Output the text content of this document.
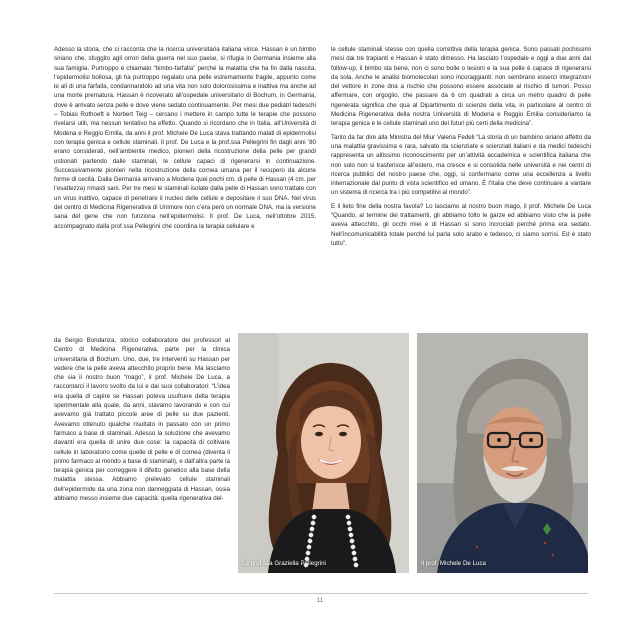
Adesso la storia, che ci racconta che la ricerca universitaria italiana vince. Hassan è un bimbo siriano che, sfuggito agli orrori della guerra nel suo paese, si rifugia in Germania insieme alla sua famiglia. Purtroppo è chiamato “bimbo-farfalla” perché la malattia che ha fin dalla nascita, l’epidermolisi bollosa, gli ha purtroppo regalato una pelle estremamente fragile, appunto come le ali di una farfalla, condannandolo ad una vita non solo dolorosissima e inattiva ma anche ad una morte prematura. Hassan è ricoverato all’ospedale universitario di Bochum, in Germania, dove è arrivato senza pelle e dove viene sedato continuamente. Per mesi due pediatri tedeschi – Tobias Rothoeft e Norbert Teig – cercano i mettere in campo tutte le terapie che possono rivelarsi utili, ma nessun tentativo ha effetto. Quando si ricordano che in Italia, all’Università di Modena e Reggio Emilia, da anni il prof. Michele De Luca stava trattando malati di epidermolisi con terapia genica e cellule staminali. Il prof. De Luca e la prof.ssa Pellegrini fin dagli anni ’80 erano considerati, nell’ambiente medico, pionieri della ricostruzione della pelle per grandi ustionati partendo dalle staminali, le cellule capaci di rigenerarsi in continuazione. Successivamente pionieri nella ricostruzione della cornea umana per il recupero da alcune forme di cecità. Dalla Germania arrivano a Modena quei pochi cm. di pelle di Hassan (4 cm. per l’esattezza) rimasti sani. Per tre mesi le staminali isolate dalla pelle di Hassan sono trattate con un virus inattivo, capace di penetrare il nucleo delle cellule e depositare il suo DNA. Nel virus del centro di Medicina Rigenerativa di Unimore non c’era però un normale DNA, ma la versione sana del gene che non funziona nell’epidermolisi. Il prof. De Luca, nell’ottobre 2015, accompagnato dalla prof.ssa Pellegrini che coordina la terapia cellulare e

da Sergio Bondanza, storico collaboratore dei professori al Centro di Medicina Rigenerativa, parte per la clinica universitaria di Bochum. Uno, due, tre interventi su Hassan per vedere che la pelle aveva attecchito proprio bene. Ma lasciamo che sia il nostro buon “mago”, il prof. Michele De Luca, a raccontarci il lavoro svolto da lui e dai suoi collaboratori: “L’idea era quella di capire se Hassan poteva usufruire della terapia sperimentale alla quale, da anni, stavamo lavorando e con cui avevamo già trattato piccole aree di pelle su due pazienti. Avevamo ottenuto qualche risultato in passato con un primo farmaco a base di staminali. Adesso la soluzione che avevamo davanti era quella di unire due cose: la capacità di coltivare cellule in laboratorio come quelle di pelle e di cornea (diventa il primo farmaco al mondo a base di staminali), e dall’altra parte la terapia genica per correggere il difetto genetico alla base della malattia stessa. Abbiamo prelevato cellule staminali dell’epidermide da una zona non danneggiata di Hassan, ossia abbiamo messo insieme due capacità: quella rigenerativa del-

le cellule staminali stesse con quella correttiva della terapia genica. Sono passati pochissimi mesi dai tre trapianti e Hassan è stato dimesso. Ha lasciato l’ospedale e oggi a due anni dal follow-up, il bimbo sta bene, non ci sono bolle o lesioni e la sua pelle è capace di rigenerarsi da sola. Anche le analisi biomolecolari sono incoraggianti: non sembrano esserci integrazioni del vettore in zone dna a rischio che possono essere associate al rischio di tumori. Posso affermare, con orgoglio, che passare da 6 cm quadrati a circa un metro quadro di pelle rigenerata significa che qua al Dipartimento di scienze della vita, in particolare al centro di Medicina Rigenerativa della nostra Università di Modena e Reggio Emilia consideriamo la terapia genica e le cellule staminali uno dei futuri più certi della medicina”.

Tanto da far dire alla Ministra del Miur Valeria Fedeli “La storia di un bambino siriano affetto da una malattia gravissima e rara, salvato da scienziate e scienziati italiani e da medici tedeschi rappresenta un altissimo riconoscimento per un’attività accademica e scientifica italiana che non solo non si trasferisce all’estero, ma cresce e si consolida nelle università e nei centri di ricerca pubblici del nostro paese che, oggi, si confermano come una eccellenza a livello internazionale dal punto di vista scientifico ed umano. È l’Italia che deve continuare a vantare un sistema di ricerca tra i più competitivi al mondo”.

E il lieto fine della nostra favola? Lo lasciamo al nostro buon mago, il prof. Michele De Luca “Quando, al termine dei trattamenti, gli abbiamo tolto le garze ed abbiamo visto che la pelle aveva attecchito, gli occhi miei e di Hassan si sono incrociati perché prima era sedato. Nell’incomunicabilità totale perché lui parla solo arabo e tedesco, ci siamo sorrisi. Ed è stato tutto”.

La prof.ssa Graziella Pellegrini	Il prof. Michele De Luca
11
